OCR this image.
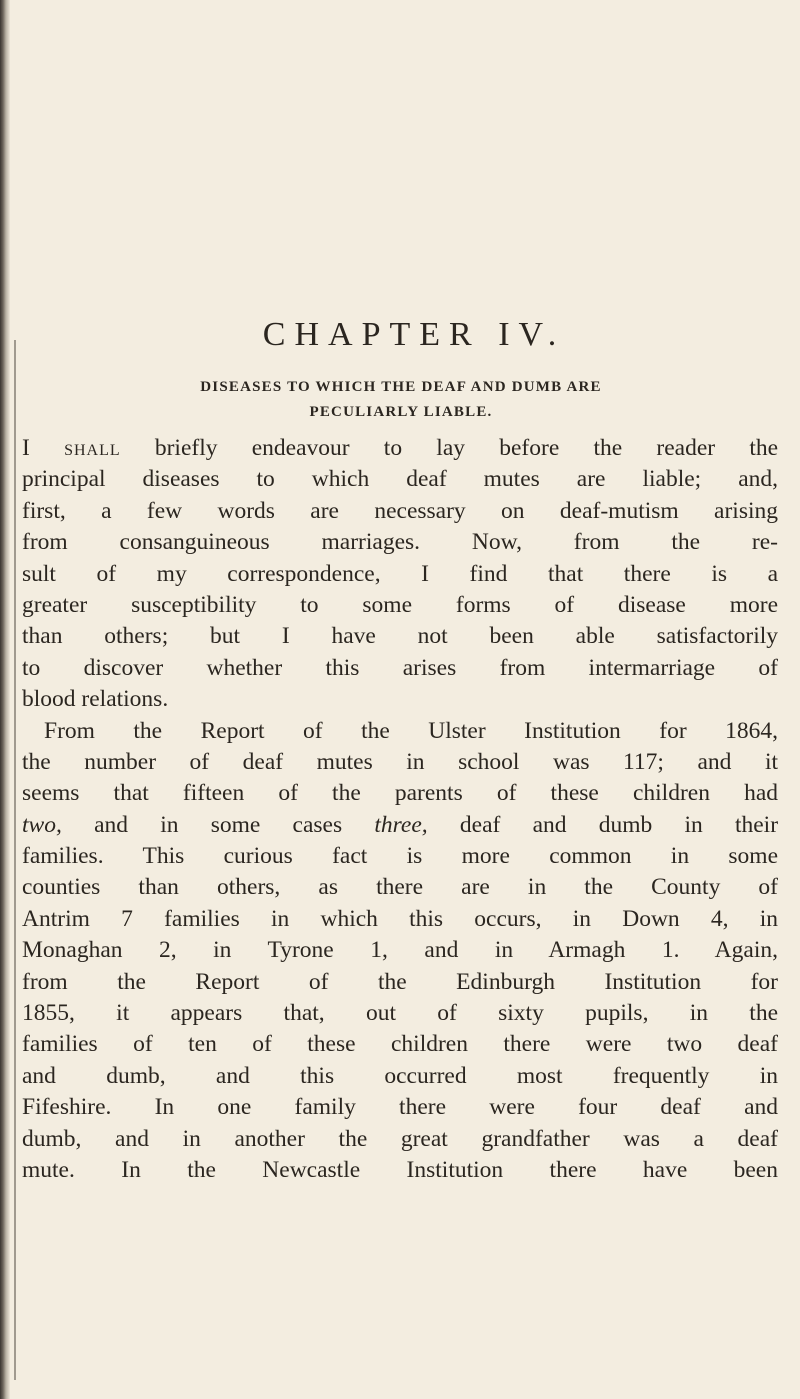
CHAPTER IV.
DISEASES TO WHICH THE DEAF AND DUMB ARE
PECULIARLY LIABLE.
I SHALL briefly endeavour to lay before the reader the
principal diseases to which deaf mutes are liable; and,
first, a few words are necessary on deaf-mutism arising
from consanguineous marriages. Now, from the re-
sult of my correspondence, I find that there is a
greater susceptibility to some forms of disease more
than others; but I have not been able satisfactorily
to discover whether this arises from intermarriage of
blood relations.
From the Report of the Ulster Institution for 1864,
the number of deaf mutes in school was 117; and it
seems that fifteen of the parents of these children had
two, and in some cases three, deaf and dumb in their
families. This curious fact is more common in some
counties than others, as there are in the County of
Antrim 7 families in which this occurs, in Down 4, in
Monaghan 2, in Tyrone 1, and in Armagh 1. Again,
from the Report of the Edinburgh Institution for
1855, it appears that, out of sixty pupils, in the
families of ten of these children there were two deaf
and dumb, and this occurred most frequently in
Fifeshire. In one family there were four deaf and
dumb, and in another the great grandfather was a deaf
mute. In the Newcastle Institution there have been
